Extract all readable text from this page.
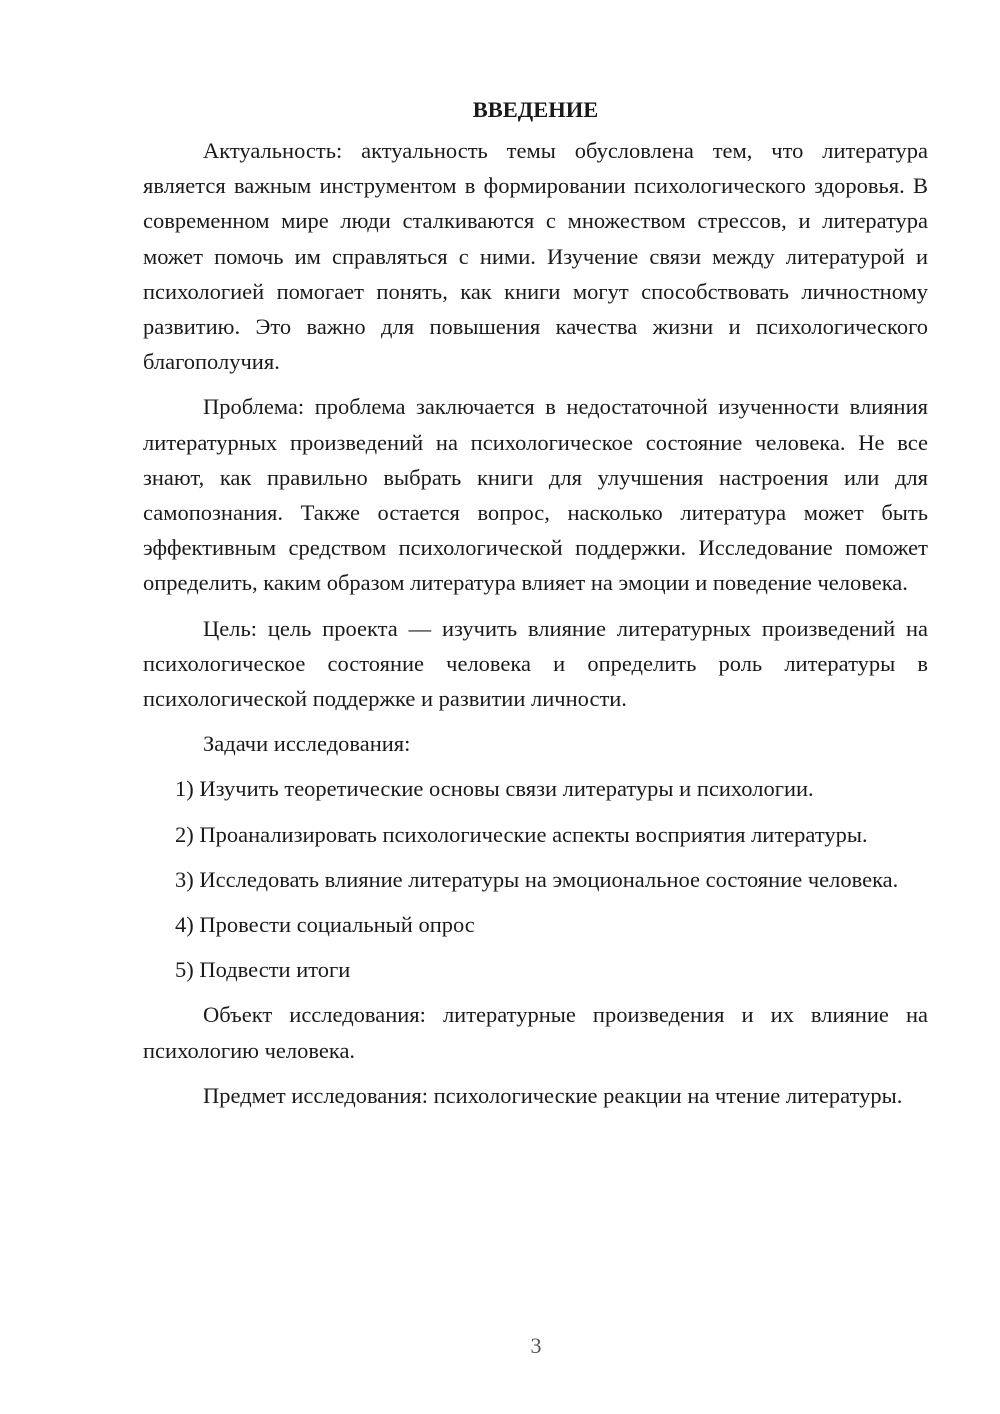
ВВЕДЕНИЕ

Актуальность: актуальность темы обусловлена тем, что литература является важным инструментом в формировании психологического здоровья. В современном мире люди сталкиваются с множеством стрессов, и литература может помочь им справляться с ними. Изучение связи между литературой и психологией помогает понять, как книги могут способствовать личностному развитию. Это важно для повышения качества жизни и психологического благополучия.

Проблема: проблема заключается в недостаточной изученности влияния литературных произведений на психологическое состояние человека. Не все знают, как правильно выбрать книги для улучшения настроения или для самопознания. Также остается вопрос, насколько литература может быть эффективным средством психологической поддержки. Исследование поможет определить, каким образом литература влияет на эмоции и поведение человека.

Цель: цель проекта — изучить влияние литературных произведений на психологическое состояние человека и определить роль литературы в психологической поддержке и развитии личности.

Задачи исследования:

1) Изучить теоретические основы связи литературы и психологии.

2) Проанализировать психологические аспекты восприятия литературы.

3) Исследовать влияние литературы на эмоциональное состояние человека.

4) Провести социальный опрос

5) Подвести итоги

Объект исследования: литературные произведения и их влияние на психологию человека.

Предмет исследования: психологические реакции на чтение литературы.

3
